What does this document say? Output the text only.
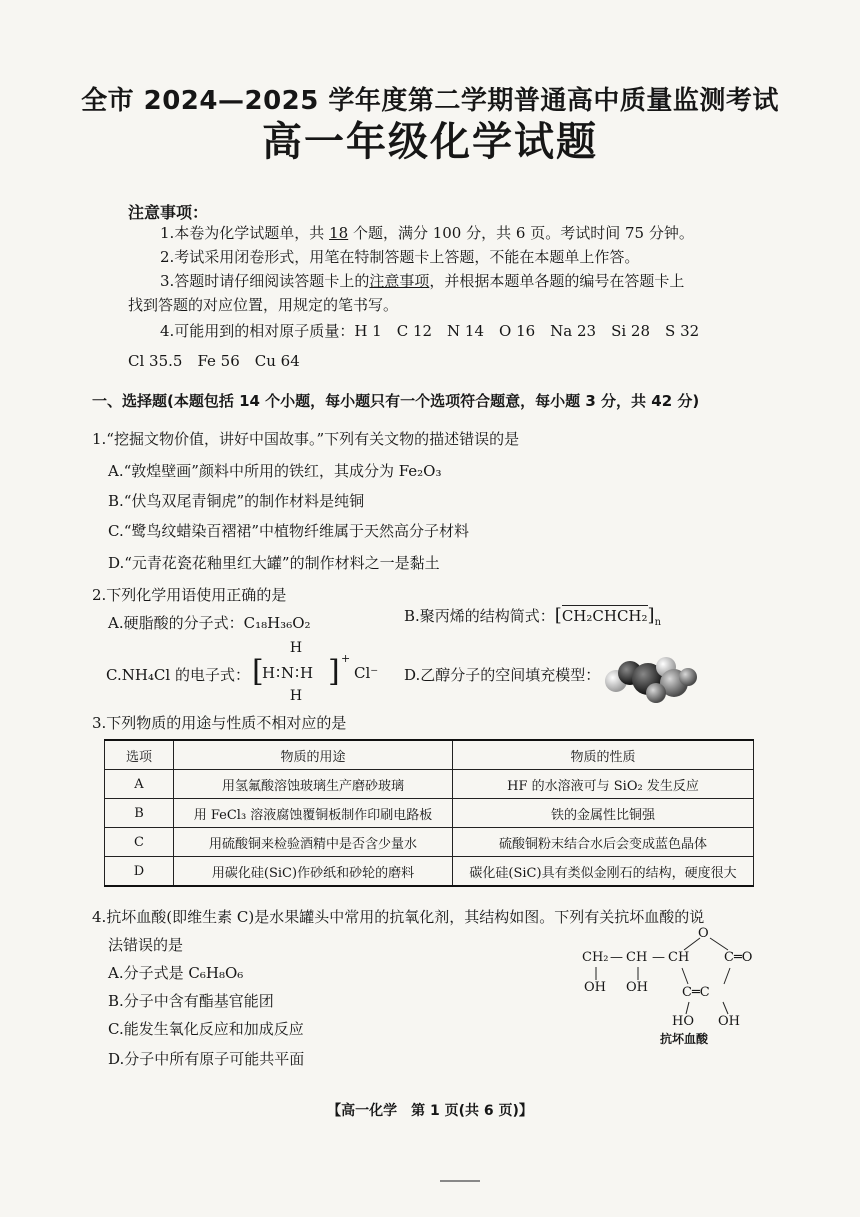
全市 2024—2025 学年度第二学期普通高中质量监测考试
高一年级化学试题
注意事项：
1.本卷为化学试题单，共 18 个题，满分 100 分，共 6 页。考试时间 75 分钟。
2.考试采用闭卷形式，用笔在特制答题卡上答题，不能在本题单上作答。
3.答题时请仔细阅读答题卡上的注意事项，并根据本题单各题的编号在答题卡上
找到答题的对应位置，用规定的笔书写。
4.可能用到的相对原子质量：H 1　C 12　N 14　O 16　Na 23　Si 28　S 32
Cl 35.5　Fe 56　Cu 64
一、选择题(本题包括 14 个小题，每小题只有一个选项符合题意，每小题 3 分，共 42 分)
1.“挖掘文物价值，讲好中国故事。”下列有关文物的描述错误的是
A.“敦煌壁画”颜料中所用的铁红，其成分为 Fe₂O₃
B.“伏鸟双尾青铜虎”的制作材料是纯铜
C.“鹭鸟纹蜡染百褶裙”中植物纤维属于天然高分子材料
D.“元青花瓷花釉里红大罐”的制作材料之一是黏土
2.下列化学用语使用正确的是
A.硬脂酸的分子式：C₁₈H₃₆O₂	B.聚丙烯的结构简式：$[CH_2CHCH_2]_n$
C.NH₄Cl 的电子式：
H
[
H∶N∶H ] +
Cl⁻
H
D.乙醇分子的空间填充模型：
3.下列物质的用途与性质不相对应的是
选项	物质的用途	物质的性质
A	用氢氟酸溶蚀玻璃生产磨砂玻璃	HF 的水溶液可与 SiO₂ 发生反应
B	用 FeCl₃ 溶液腐蚀覆铜板制作印刷电路板	铁的金属性比铜强
C	用硫酸铜来检验酒精中是否含少量水	硫酸铜粉末结合水后会变成蓝色晶体
D	用碳化硅(SiC)作砂纸和砂轮的磨料	碳化硅(SiC)具有类似金刚石的结构，硬度很大
4.抗坏血酸(即维生素 C)是水果罐头中常用的抗氧化剂，其结构如图。下列有关抗坏血酸的说
法错误的是
A.分子式是 C₆H₈O₆
B.分子中含有酯基官能团
C.能发生氧化反应和加成反应
D.分子中所有原子可能共平面
CH₂ — CH — CH
O
C═O
OH OH	C═C
HO OH
抗坏血酸
【高一化学　第 1 页(共 6 页)】
